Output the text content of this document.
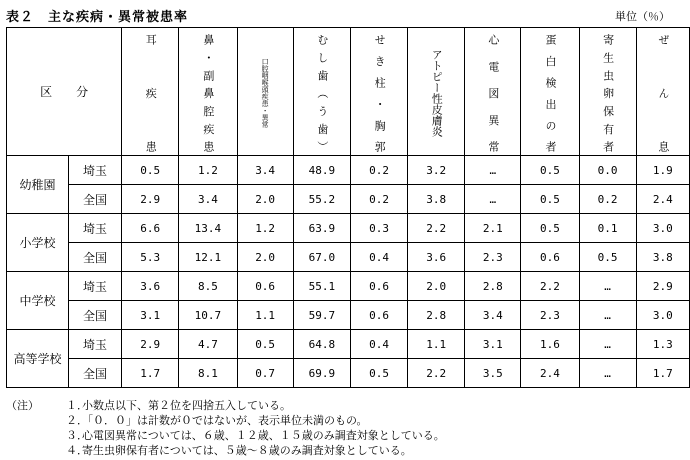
表２　主な疾病・異常被患率	単位（％）
区　　分		耳疾患	鼻・副鼻腔疾患	口腔咽喉頭疾患・異常	むし歯（う歯）	せき柱・胸郭	アトピー性皮膚炎	心電図異常	蛋白検出の者	寄生虫卵保有者	ぜん息

幼稚園	埼玉	0.5	1.2	3.4	48.9	0.2	3.2	…	0.5	0.0	1.9
	全国	2.9	3.4	2.0	55.2	0.2	3.8	…	0.5	0.2	2.4
小学校	埼玉	6.6	13.4	1.2	63.9	0.3	2.2	2.1	0.5	0.1	3.0
	全国	5.3	12.1	2.0	67.0	0.4	3.6	2.3	0.6	0.5	3.8
中学校	埼玉	3.6	8.5	0.6	55.1	0.6	2.0	2.8	2.2	…	2.9
	全国	3.1	10.7	1.1	59.7	0.6	2.8	3.4	2.3	…	3.0
高等学校	埼玉	2.9	4.7	0.5	64.8	0.4	1.1	3.1	1.6	…	1.3
	全国	1.7	8.1	0.7	69.9	0.5	2.2	3.5	2.4	…	1.7
（注） １．小数点以下、第２位を四捨五入している。
２．「０．０」は計数が０ではないが、表示単位未満のもの。
３．心電図異常については、６歳、１２歳、１５歳のみ調査対象としている。
４．寄生虫卵保有者については、５歳～８歳のみ調査対象としている。
